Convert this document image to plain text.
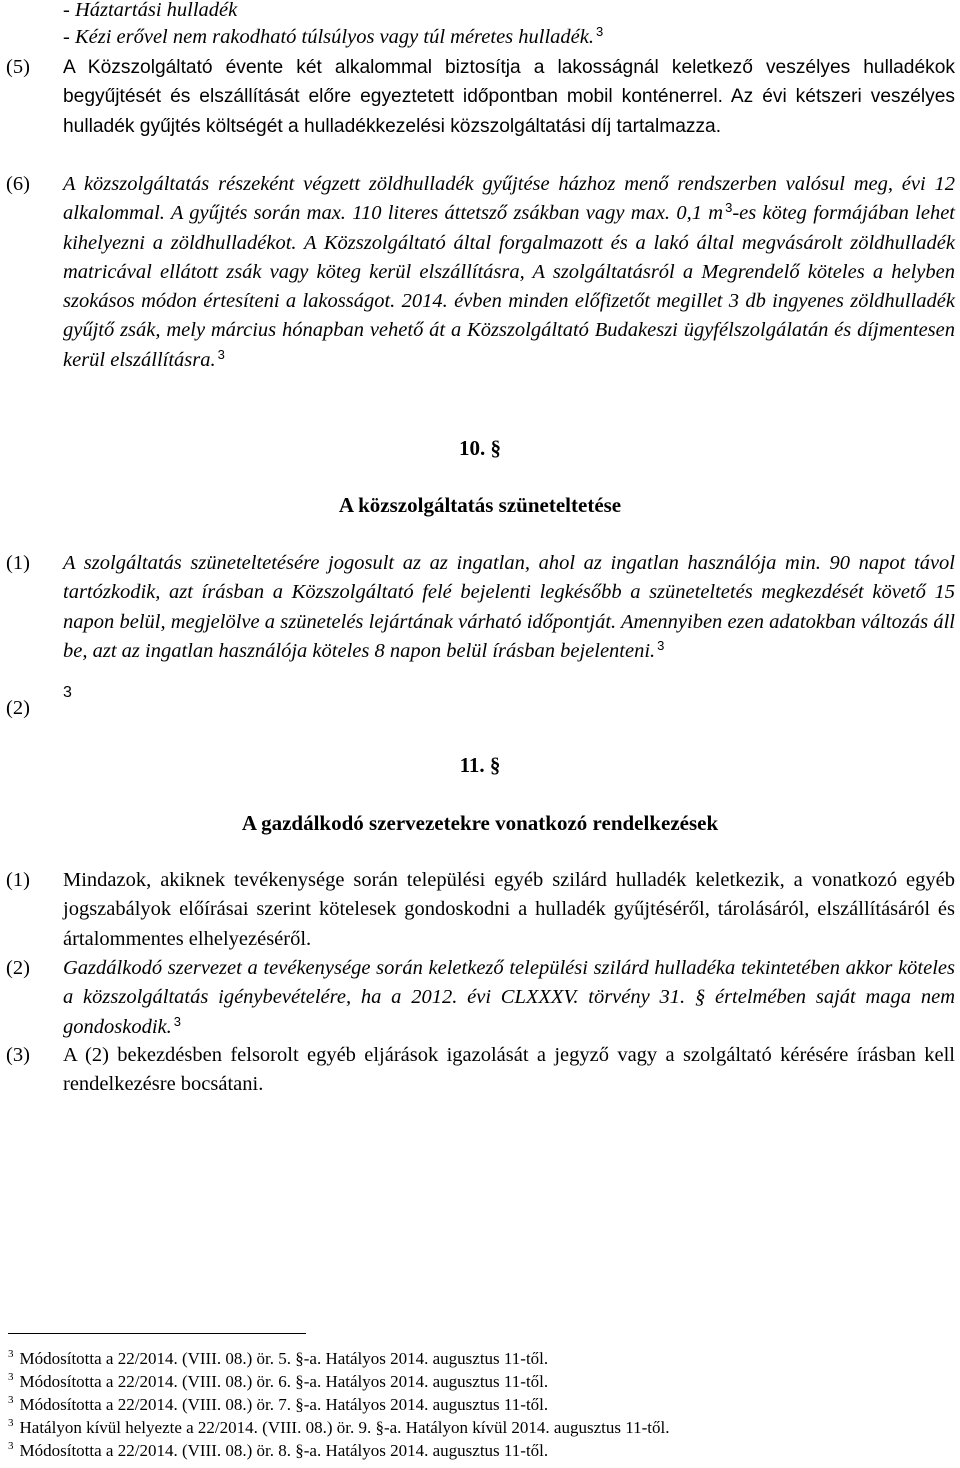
- Háztartási hulladék
- Kézi erővel nem rakodható túlsúlyos vagy túl méretes hulladék. $^3$
(5) A Közszolgáltató évente két alkalommal biztosítja a lakosságnál keletkező veszélyes hulladékok begyűjtését és elszállítását előre egyeztetett időpontban mobil konténerrel. Az évi kétszeri veszélyes hulladék gyűjtés költségét a hulladékkezelési közszolgáltatási díj tartalmazza.
(6) A közszolgáltatás részeként végzett zöldhulladék gyűjtése házhoz menő rendszerben valósul meg, évi 12 alkalommal. A gyűjtés során max. 110 literes áttetsző zsákban vagy max. 0,1 m $^3$-es köteg formájában lehet kihelyezni a zöldhulladékot. A Közszolgáltató által forgalmazott és a lakó által megvásárolt zöldhulladék matricával ellátott zsák vagy köteg kerül elszállításra, A szolgáltatásról a Megrendelő köteles a helyben szokásos módon értesíteni a lakosságot. 2014. évben minden előfizetőt megillet 3 db ingyenes zöldhulladék gyűjtő zsák, mely március hónapban vehető át a Közszolgáltató Budakeszi ügyfélszolgálatán és díjmentesen kerül elszállításra. $^3$
10. §
A közszolgáltatás szüneteltetése
(1) A szolgáltatás szüneteltetésére jogosult az az ingatlan, ahol az ingatlan használója min. 90 napot távol tartózkodik, azt írásban a Közszolgáltató felé bejelenti legkésőbb a szüneteltetés megkezdését követő 15 napon belül, megjelölve a szünetelés lejártának várható időpontját. Amennyiben ezen adatokban változás áll be, azt az ingatlan használója köteles 8 napon belül írásban bejelenteni. $^3$
(2)
3
11. §
A gazdálkodó szervezetekre vonatkozó rendelkezések
(1) Mindazok, akiknek tevékenysége során települési egyéb szilárd hulladék keletkezik, a vonatkozó egyéb jogszabályok előírásai szerint kötelesek gondoskodni a hulladék gyűjtéséről, tárolásáról, elszállításáról és ártalommentes elhelyezéséről.
(2) Gazdálkodó szervezet a tevékenysége során keletkező települési szilárd hulladéka tekintetében akkor köteles a közszolgáltatás igénybevételére, ha a 2012. évi CLXXXV. törvény 31. § értelmében saját maga nem gondoskodik. $^3$
(3) A (2) bekezdésben felsorolt egyéb eljárások igazolását a jegyző vagy a szolgáltató kérésére írásban kell rendelkezésre bocsátani.
$^3$ Módosította a 22/2014. (VIII. 08.) ör. 5. §-a. Hatályos 2014. augusztus 11-től.
$^3$ Módosította a 22/2014. (VIII. 08.) ör. 6. §-a. Hatályos 2014. augusztus 11-től.
$^3$ Módosította a 22/2014. (VIII. 08.) ör. 7. §-a. Hatályos 2014. augusztus 11-től.
$^3$ Hatályon kívül helyezte a 22/2014. (VIII. 08.) ör. 9. §-a. Hatályon kívül 2014. augusztus 11-től.
$^3$ Módosította a 22/2014. (VIII. 08.) ör. 8. §-a. Hatályos 2014. augusztus 11-től.
